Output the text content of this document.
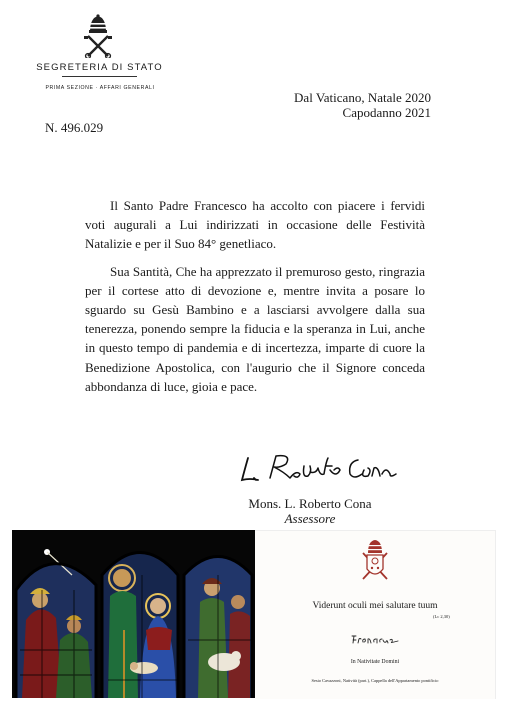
SEGRETERIA DI STATO
PRIMA SEZIONE · AFFARI GENERALI
Dal Vaticano, Natale 2020
Capodanno 2021
N. 496.029

Il Santo Padre Francesco ha accolto con piacere i fervidi voti augurali a Lui indirizzati in occasione delle Festività Natalizie e per il Suo 84° genetliaco.

Sua Santità, Che ha apprezzato il premuroso gesto, ringrazia per il cortese atto di devozione e, mentre invita a posare lo sguardo su Gesù Bambino e a lasciarsi avvolgere dalla sua tenerezza, ponendo sempre la fiducia e la speranza in Lui, anche in questo tempo di pandemia e di incertezza, imparte di cuore la Benedizione Apostolica, con l'augurio che il Signore conceda abbondanza di luce, gioia e pace.

Mons. L. Roberto Cona
Assessore
Viderunt oculi mei salutare tuum
(Lc 2,30)
In Nativitate Domini
Sesto Cavazzoni, Natività (part.), Cappella dell'Appartamento pontificio
